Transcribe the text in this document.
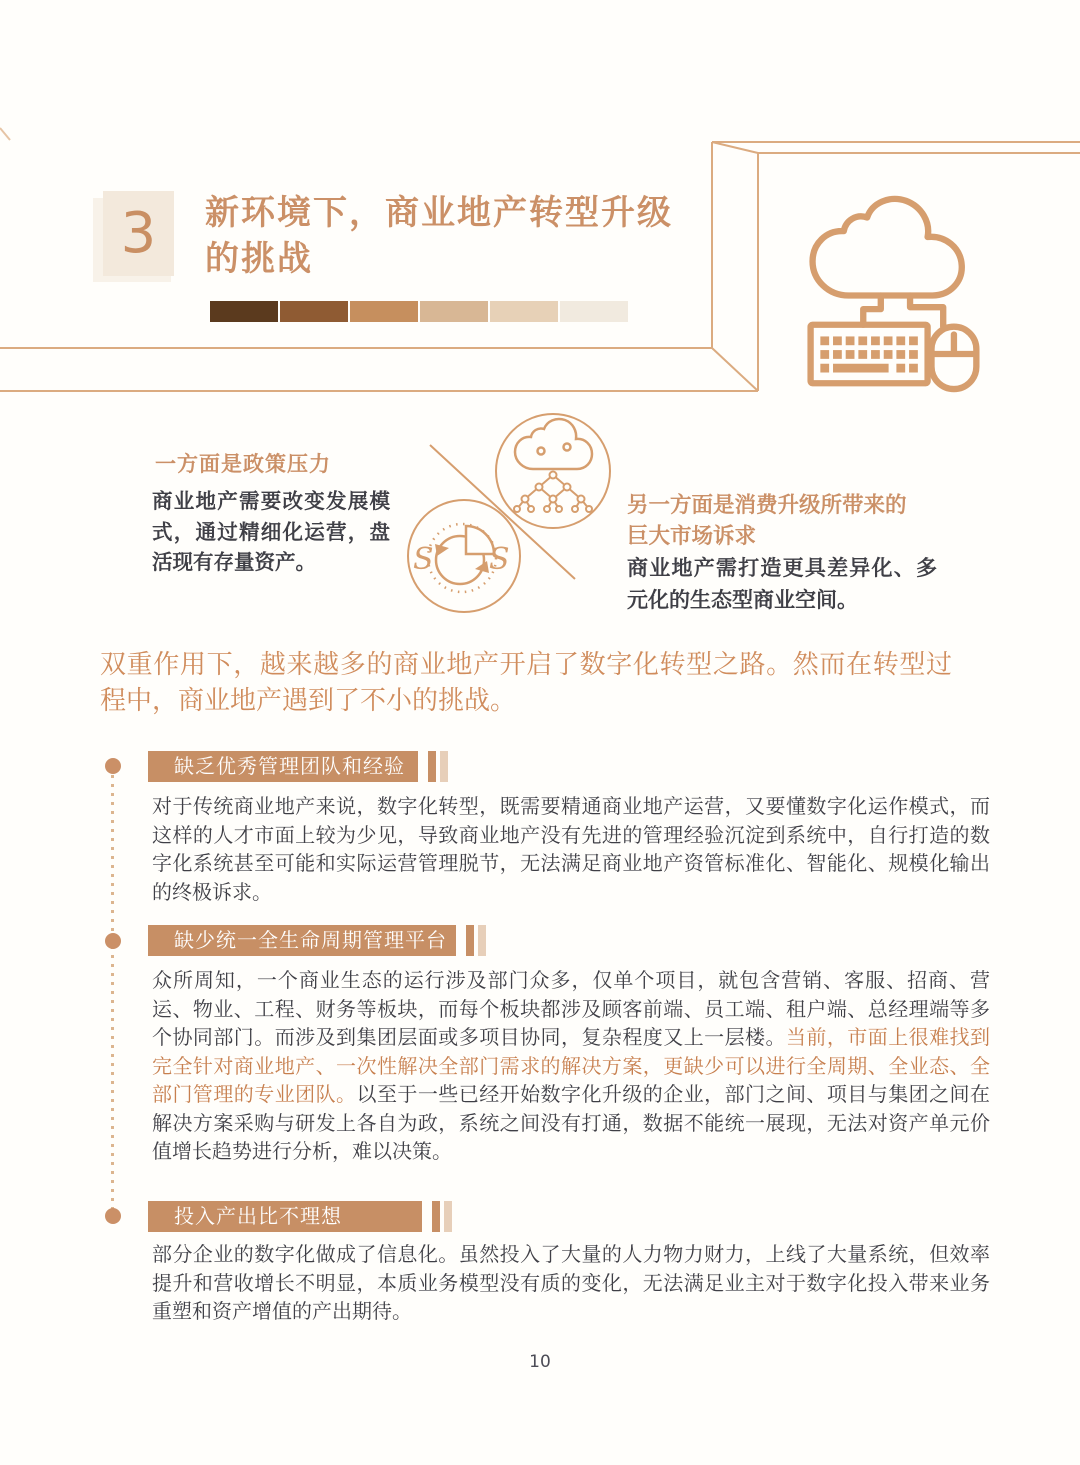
3 新环境下，商业地产转型升级
的挑战
一方面是政策压力
商业地产需要改变发展模式，通过精细化运营，盘活现有存量资产。	S S
另一方面是消费升级所带来的
巨大市场诉求
商业地产需打造更具差异化、多元化的生态型商业空间。
双重作用下，越来越多的商业地产开启了数字化转型之路。然而在转型过程中，商业地产遇到了不小的挑战。
缺乏优秀管理团队和经验
对于传统商业地产来说，数字化转型，既需要精通商业地产运营，又要懂数字化运作模式，而这样的人才市面上较为少见，导致商业地产没有先进的管理经验沉淀到系统中，自行打造的数字化系统甚至可能和实际运营管理脱节，无法满足商业地产资管标准化、智能化、规模化输出的终极诉求。
缺少统一全生命周期管理平台
众所周知，一个商业生态的运行涉及部门众多，仅单个项目，就包含营销、客服、招商、营运、物业、工程、财务等板块，而每个板块都涉及顾客前端、员工端、租户端、总经理端等多个协同部门。而涉及到集团层面或多项目协同，复杂程度又上一层楼。当前，市面上很难找到完全针对商业地产、一次性解决全部门需求的解决方案，更缺少可以进行全周期、全业态、全部门管理的专业团队。以至于一些已经开始数字化升级的企业，部门之间、项目与集团之间在解决方案采购与研发上各自为政，系统之间没有打通，数据不能统一展现，无法对资产单元价值增长趋势进行分析，难以决策。
投入产出比不理想
部分企业的数字化做成了信息化。虽然投入了大量的人力物力财力，上线了大量系统，但效率提升和营收增长不明显，本质业务模型没有质的变化，无法满足业主对于数字化投入带来业务重塑和资产增值的产出期待。
10
